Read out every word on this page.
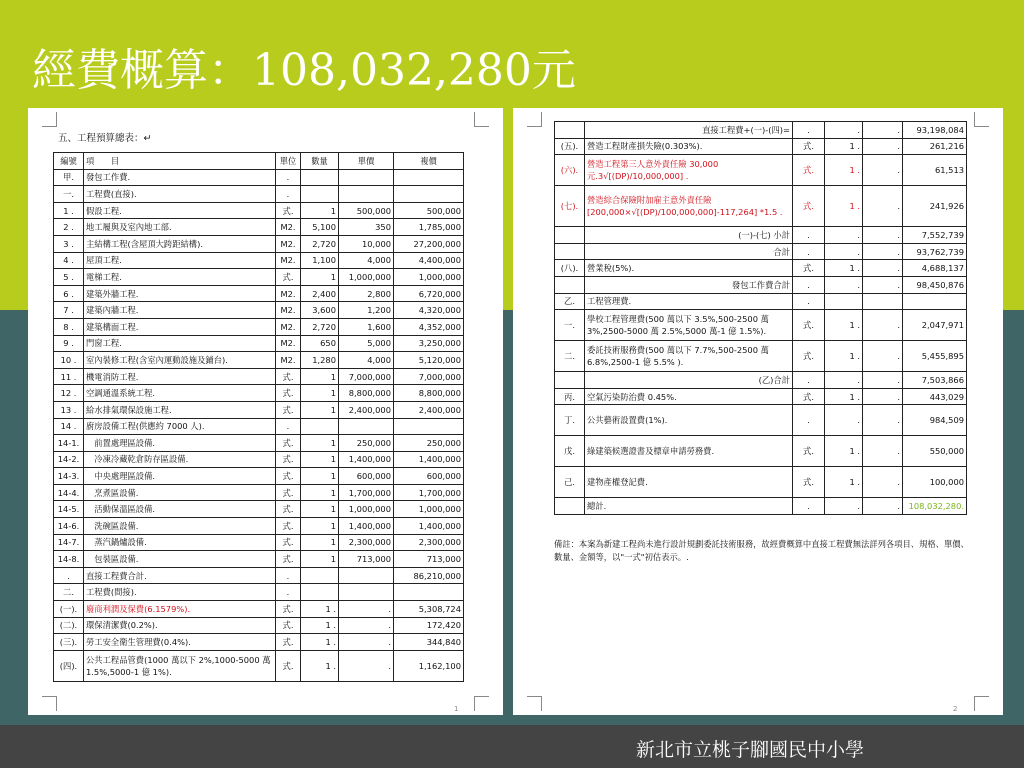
經費概算：108,032,280元
五、工程預算總表：↵
編號	項　　目	單位	數量	單價	複價
甲.	發包工作費.	.			
一.	工程費(直接).	.			
1 .	假設工程.	式.	1	500,000	500,000
2 .	地工履與及室內地工部.	M2.	5,100	350	1,785,000
3 .	主結構工程(含屋頂大跨距結構).	M2.	2,720	10,000	27,200,000
4 .	屋頂工程.	M2.	1,100	4,000	4,400,000
5 .	電梯工程.	式.	1	1,000,000	1,000,000
6 .	建築外牆工程.	M2.	2,400	2,800	6,720,000
7 .	建築內牆工程.	M2.	3,600	1,200	4,320,000
8 .	建築構面工程.	M2.	2,720	1,600	4,352,000
9 .	門窗工程.	M2.	650	5,000	3,250,000
10 .	室內裝修工程(含室內運動設施及鋪台).	M2.	1,280	4,000	5,120,000
11 .	機電消防工程.	式.	1	7,000,000	7,000,000
12 .	空調通溫系統工程.	式.	1	8,800,000	8,800,000
13 .	給水排氣環保設施工程.	式.	1	2,400,000	2,400,000
14 .	廚房設備工程(供應約 7000 人).	.			
14-1.	　前置處理區設備.	式.	1	250,000	250,000
14-2.	　冷凍冷藏乾倉防存區設備.	式.	1	1,400,000	1,400,000
14-3.	　中央處理區設備.	式.	1	600,000	600,000
14-4.	　烹煮區設備.	式.	1	1,700,000	1,700,000
14-5.	　活動保溫區設備.	式.	1	1,000,000	1,000,000
14-6.	　洗碗區設備.	式.	1	1,400,000	1,400,000
14-7.	　蒸汽鍋爐設備.	式.	1	2,300,000	2,300,000
14-8.	　包裝區設備.	式.	1	713,000	713,000
.	直接工程費合計.	.			86,210,000
二.	工程費(間接).	.			
(一).	廢商利潤及保費(6.1579%).	式.	1 .	.	5,308,724
(二).	環保清潔費(0.2%).	式.	1 .	.	172,420
(三).	勞工安全衛生管理費(0.4%).	式.	1 .	.	344,840
(四).	公共工程品管費(1000 萬以下 2%,1000-5000 萬 1.5%,5000-1 億 1%).	式.	1 .	.	1,162,100
1
	直接工程費+(一)-(四)=	.	.	.	93,198,084
(五).	營造工程財產損失險(0.303%).	式.	1 .	.	261,216
(六).	營造工程第三人意外責任險 30,000元.3√[(DP)/10,000,000] .	式.	1 .	.	61,513
(七).	營造綜合保險附加雇主意外責任險 [200,000×√[(DP)/100,000,000]-117,264] *1.5 .	式.	1 .	.	241,926
	(一)-(七) 小計	.	.	.	7,552,739
	合計	.	.	.	93,762,739
(八).	營業稅(5%).	式.	1 .	.	4,688,137
	發包工作費合計	.	.	.	98,450,876
乙.	工程管理費.	.			
一.	學校工程管理費(500 萬以下 3.5%,500-2500 萬 3%,2500-5000 萬 2.5%,5000 萬-1 億 1.5%).	式.	1 .	.	2,047,971
二.	委託技術服務費(500 萬以下 7.7%,500-2500 萬 6.8%,2500-1 億 5.5% ).	式.	1 .	.	5,455,895
	(乙)合計	.	.	.	7,503,866
丙.	空氣污染防治費 0.45%.	式.	1 .	.	443,029
丁.	公共藝術設置費(1%).	.	.	.	984,509
戊.	綠建築候選證書及標章申請勞務費.	式.	1 .	.	550,000
己.	建物產權登記費.	式.	1 .	.	100,000
	總計.	.	.	.	108,032,280.
備註：本案為新建工程尚未進行設計規劃委託技術服務，故經費概算中直接工程費無法詳列各項目、規格、單價、數量、金額等，以"一式"初估表示。.
2
新北市立桃子腳國民中小學
